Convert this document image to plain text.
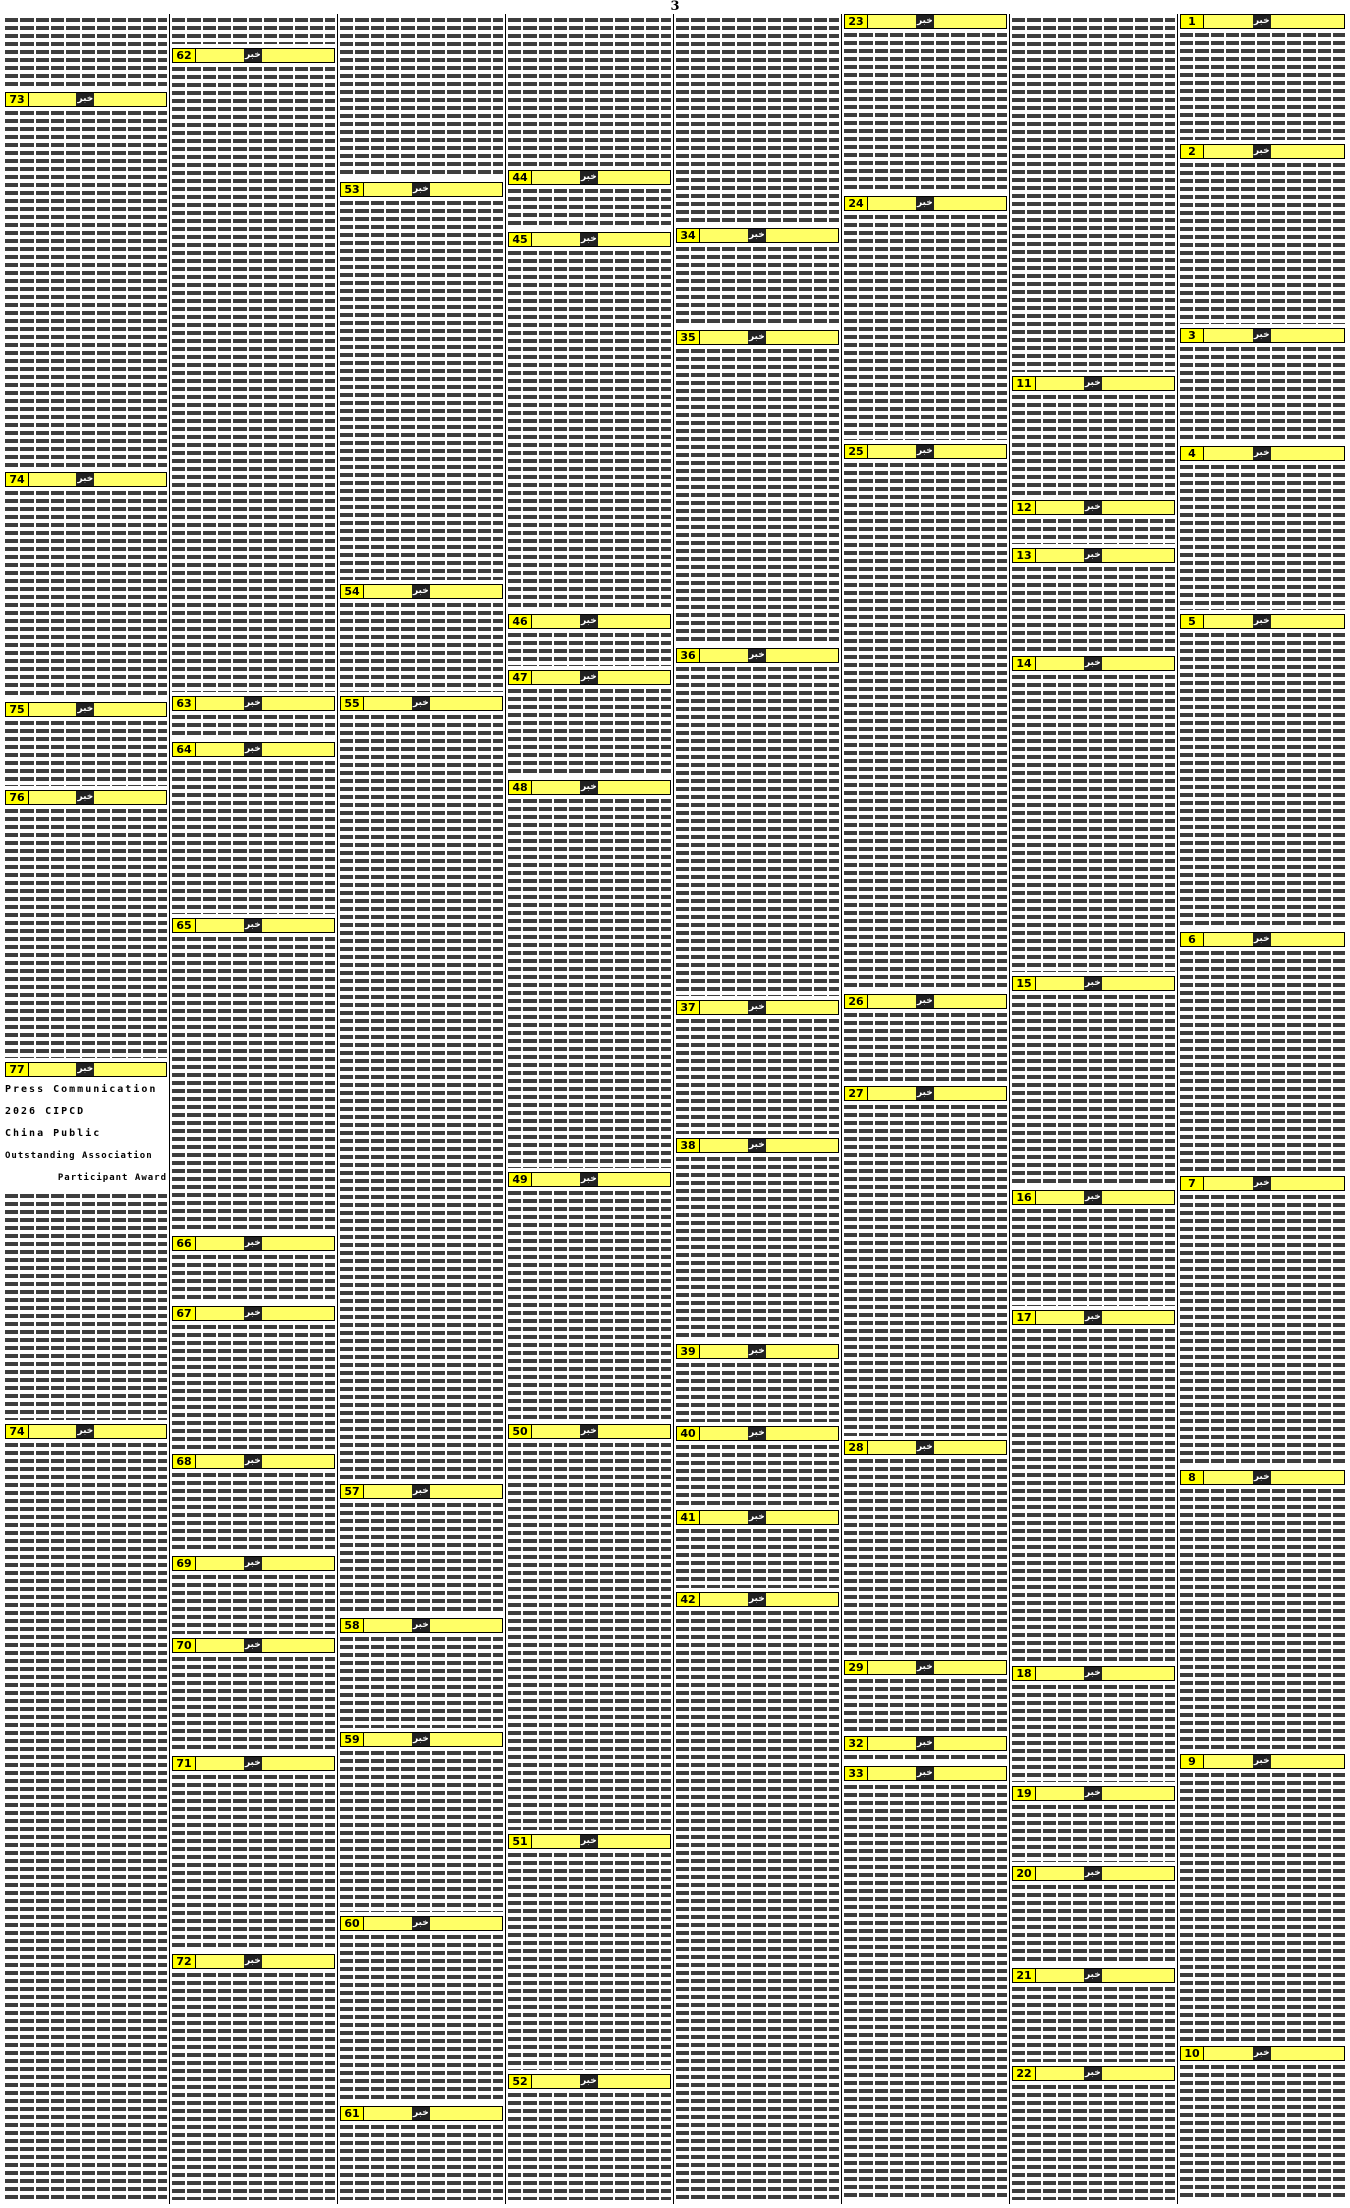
3
1	خبر
2	خبر
3	خبر
4	خبر
5	خبر
6	خبر
7	خبر
8	خبر
9	خبر
10	خبر
11	خبر
12	خبر
13	خبر
14	خبر
15	خبر
16	خبر
17	خبر
18	خبر
19	خبر
20	خبر
21	خبر
22	خبر
23	خبر
24	خبر
25	خبر
26	خبر
27	خبر
28	خبر
29	خبر
32	خبر
33	خبر
34	خبر
35	خبر
36	خبر
37	خبر
38	خبر
39	خبر
40	خبر
41	خبر
42	خبر
44	خبر
45	خبر
46	خبر
47	خبر
48	خبر
49	خبر
50	خبر
51	خبر
52	خبر
53	خبر
54	خبر
55	خبر
57	خبر
58	خبر
59	خبر
60	خبر
61	خبر
62	خبر
63	خبر
64	خبر
65	خبر
66	خبر
67	خبر
68	خبر
69	خبر
70	خبر
71	خبر
72	خبر
73	خبر
74	خبر
75	خبر
76	خبر
77	خبر
Press Communication
2026 CIPCD
China Public
Outstanding Association
Participant Award
74	خبر
